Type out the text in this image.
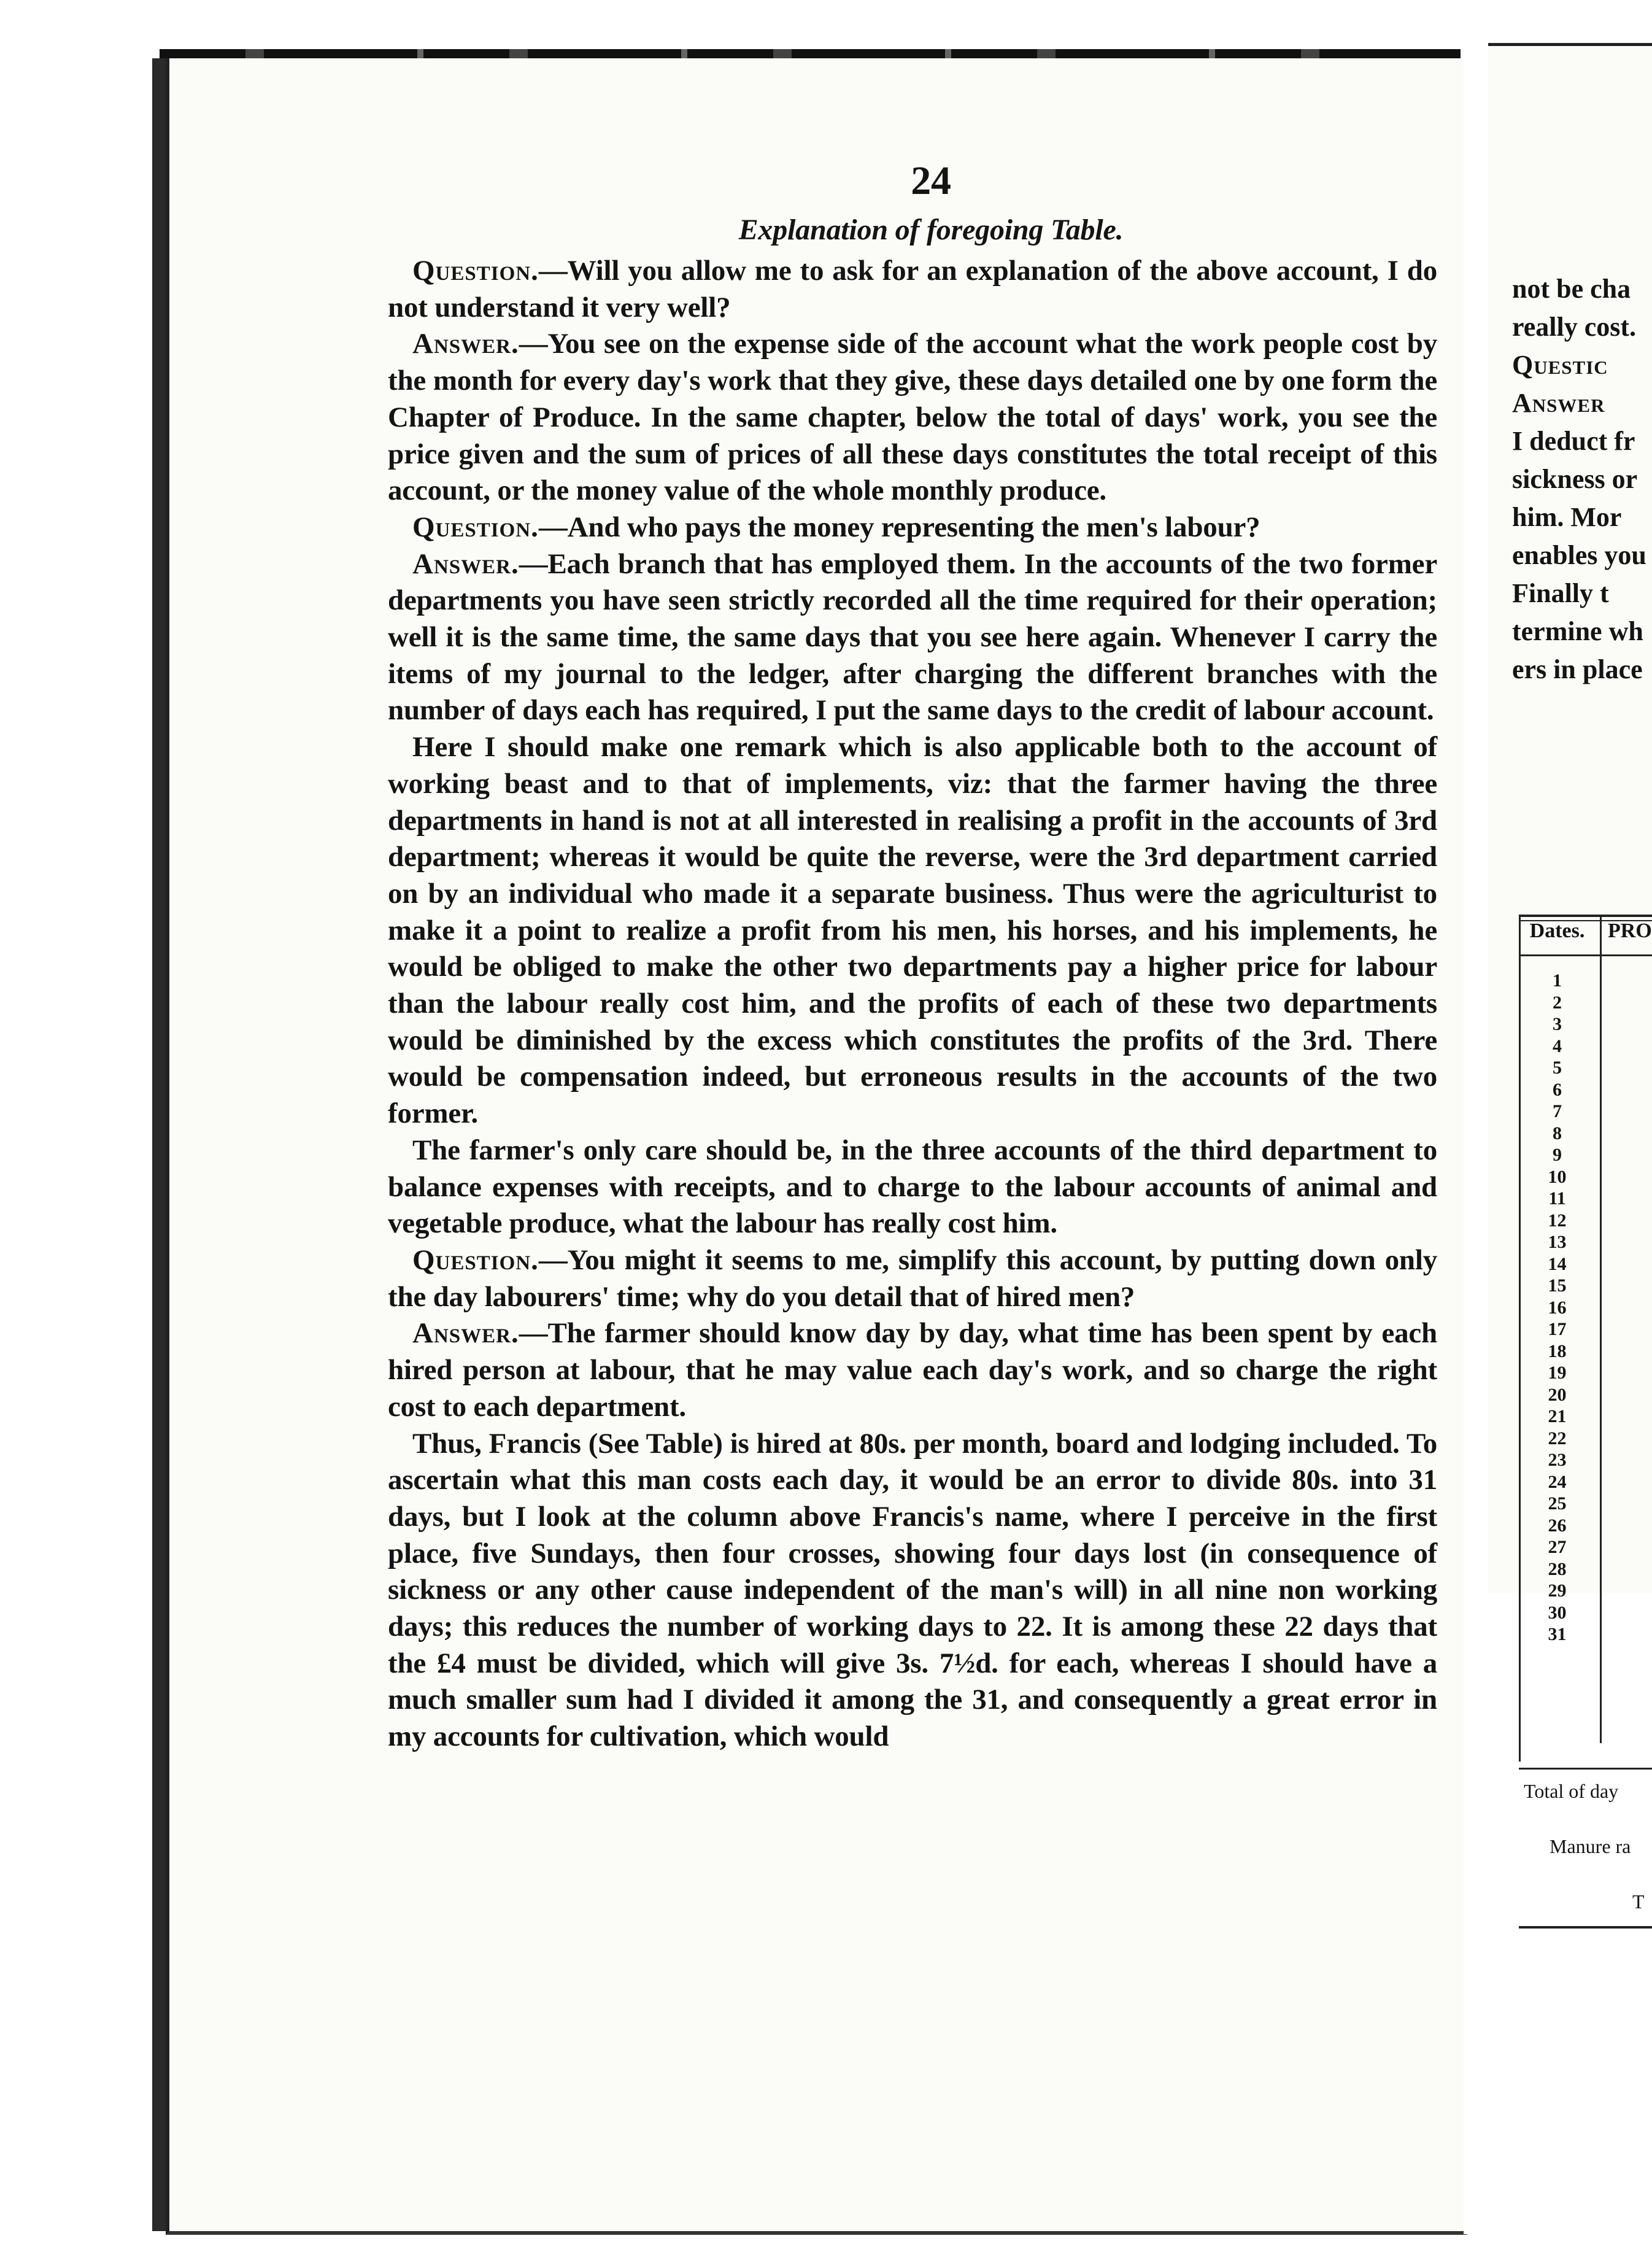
24
Explanation of foregoing Table.

Question.—Will you allow me to ask for an explanation of the above account, I do not understand it very well?

Answer.—You see on the expense side of the account what the work people cost by the month for every day's work that they give, these days detailed one by one form the Chapter of Produce. In the same chapter, below the total of days' work, you see the price given and the sum of prices of all these days constitutes the total receipt of this account, or the money value of the whole monthly produce.

Question.—And who pays the money representing the men's labour?

Answer.—Each branch that has employed them. In the accounts of the two former departments you have seen strictly recorded all the time required for their operation; well it is the same time, the same days that you see here again. Whenever I carry the items of my journal to the ledger, after charging the different branches with the number of days each has required, I put the same days to the credit of labour account.

Here I should make one remark which is also applicable both to the account of working beast and to that of implements, viz: that the farmer having the three departments in hand is not at all interested in realising a profit in the accounts of 3rd department; whereas it would be quite the reverse, were the 3rd department carried on by an individual who made it a separate business. Thus were the agriculturist to make it a point to realize a profit from his men, his horses, and his implements, he would be obliged to make the other two departments pay a higher price for labour than the labour really cost him, and the profits of each of these two departments would be diminished by the excess which constitutes the profits of the 3rd. There would be compensation indeed, but erroneous results in the accounts of the two former.

The farmer's only care should be, in the three accounts of the third department to balance expenses with receipts, and to charge to the labour accounts of animal and vegetable produce, what the labour has really cost him.

Question.—You might it seems to me, simplify this account, by putting down only the day labourers' time; why do you detail that of hired men?

Answer.—The farmer should know day by day, what time has been spent by each hired person at labour, that he may value each day's work, and so charge the right cost to each department.

Thus, Francis (See Table) is hired at 80s. per month, board and lodging included. To ascertain what this man costs each day, it would be an error to divide 80s. into 31 days, but I look at the column above Francis's name, where I perceive in the first place, five Sundays, then four crosses, showing four days lost (in consequence of sickness or any other cause independent of the man's will) in all nine non working days; this reduces the number of working days to 22. It is among these 22 days that the £4 must be divided, which will give 3s. 7½d. for each, whereas I should have a much smaller sum had I divided it among the 31, and consequently a great error in my accounts for cultivation, which would

not be cha
really cost.
Questic
Answer
I deduct fr
sickness or
him. Mor
enables you
Finally t
termine wh
ers in place
Dates.	PRO
1
2
3
4
5
6
7
8
9
10
11
12
13
14
15
16
17
18
19
20
21
22
23
24
25
26
27
28
29
30
31
Total of day
Manure ra
T
